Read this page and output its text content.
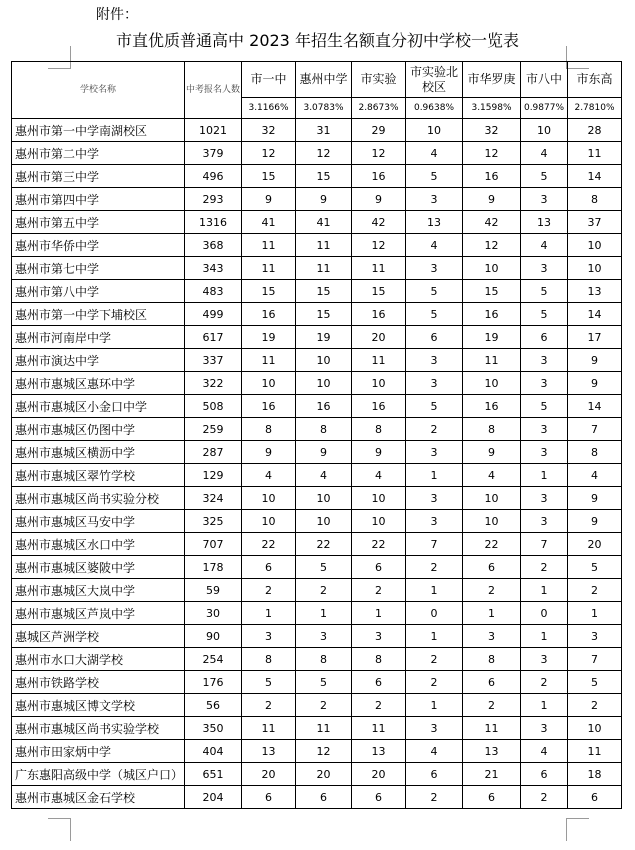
附件：
市直优质普通高中 2023 年招生名额直分初中学校一览表
学校名称	中考报名人数	市一中	惠州中学	市实验	市实验北校区	市华罗庚	市八中	市东高
		3.1166%	3.0783%	2.8673%	0.9638%	3.1598%	0.9877%	2.7810%
惠州市第一中学南湖校区	1021	32	31	29	10	32	10	28
惠州市第二中学	379	12	12	12	4	12	4	11
惠州市第三中学	496	15	15	16	5	16	5	14
惠州市第四中学	293	9	9	9	3	9	3	8
惠州市第五中学	1316	41	41	42	13	42	13	37
惠州市华侨中学	368	11	11	12	4	12	4	10
惠州市第七中学	343	11	11	11	3	10	3	10
惠州市第八中学	483	15	15	15	5	15	5	13
惠州市第一中学下埔校区	499	16	15	16	5	16	5	14
惠州市河南岸中学	617	19	19	20	6	19	6	17
惠州市演达中学	337	11	10	11	3	11	3	9
惠州市惠城区惠环中学	322	10	10	10	3	10	3	9
惠州市惠城区小金口中学	508	16	16	16	5	16	5	14
惠州市惠城区仍图中学	259	8	8	8	2	8	3	7
惠州市惠城区横沥中学	287	9	9	9	3	9	3	8
惠州市惠城区翠竹学校	129	4	4	4	1	4	1	4
惠州市惠城区尚书实验分校	324	10	10	10	3	10	3	9
惠州市惠城区马安中学	325	10	10	10	3	10	3	9
惠州市惠城区水口中学	707	22	22	22	7	22	7	20
惠州市惠城区婆陂中学	178	6	5	6	2	6	2	5
惠州市惠城区大岚中学	59	2	2	2	1	2	1	2
惠州市惠城区芦岚中学	30	1	1	1	0	1	0	1
惠城区芦洲学校	90	3	3	3	1	3	1	3
惠州市水口大湖学校	254	8	8	8	2	8	3	7
惠州市铁路学校	176	5	5	6	2	6	2	5
惠州市惠城区博文学校	56	2	2	2	1	2	1	2
惠州市惠城区尚书实验学校	350	11	11	11	3	11	3	10
惠州市田家炳中学	404	13	12	13	4	13	4	11
广东惠阳高级中学（城区户口）	651	20	20	20	6	21	6	18
惠州市惠城区金石学校	204	6	6	6	2	6	2	6
